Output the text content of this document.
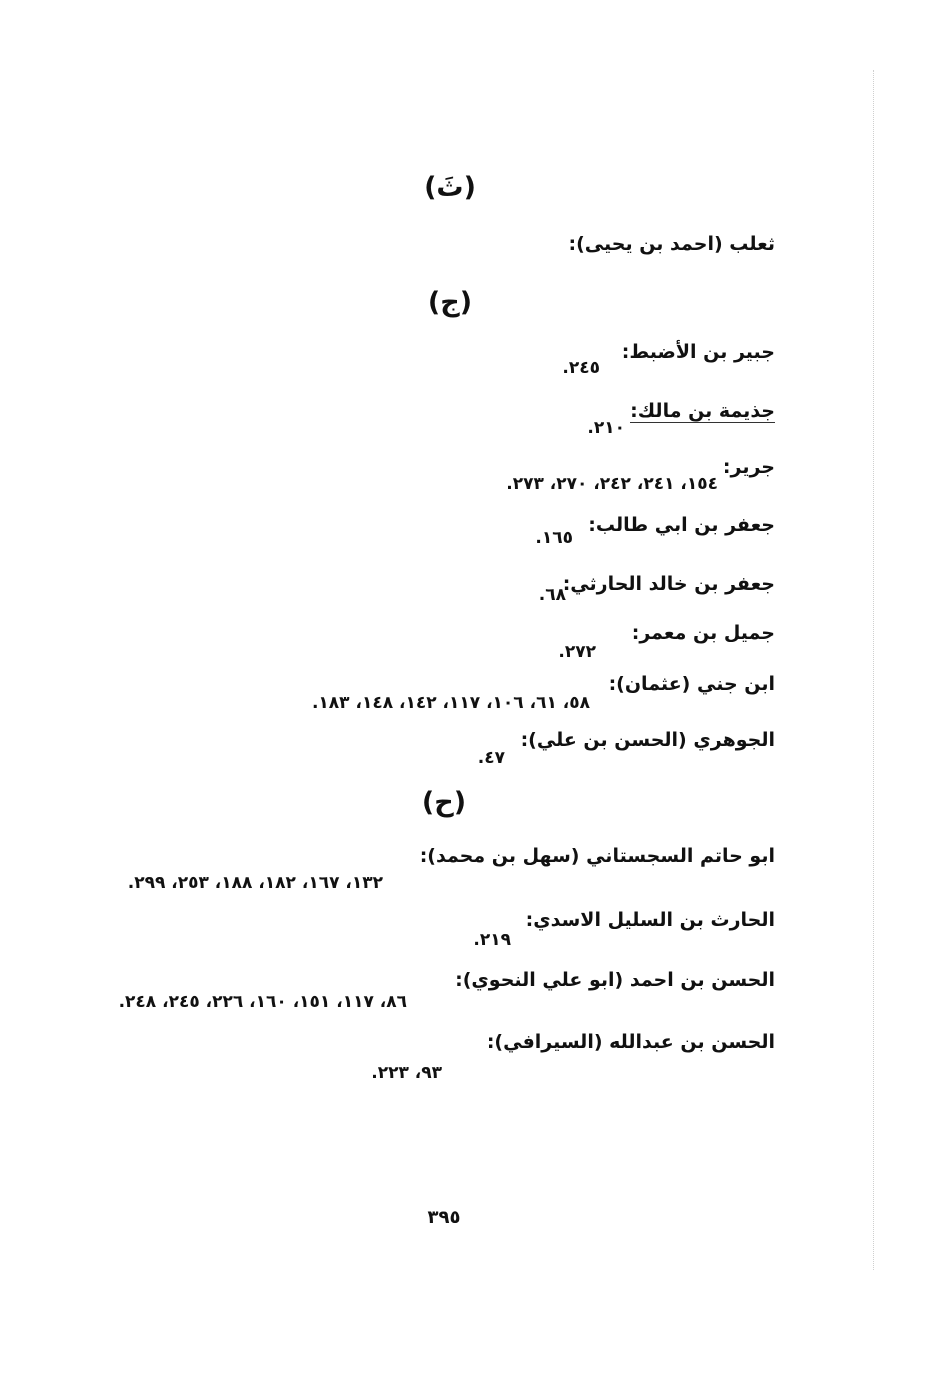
(ثَ)
ثعلب (احمد بن يحيى):
(ج)
جبير بن الأضبط:
٢٤٥.
جذيمة بن مالك:
٢١٠.
جرير:
١٥٤، ٢٤١، ٢٤٢، ٢٧٠، ٢٧٣.
جعفر بن ابي طالب:
١٦٥.
جعفر بن خالد الحارثي:
٦٨.
جميل بن معمر:
٢٧٢.
ابن جني (عثمان):
٥٨، ٦١، ١٠٦، ١١٧، ١٤٢، ١٤٨، ١٨٣.
الجوهري (الحسن بن علي):
٤٧.
(ح)
ابو حاتم السجستاني (سهل بن محمد):
١٣٢، ١٦٧، ١٨٢، ١٨٨، ٢٥٣، ٢٩٩.
الحارث بن السليل الاسدي:
٢١٩.
الحسن بن احمد (ابو علي النحوي):
٨٦، ١١٧، ١٥١، ١٦٠، ٢٢٦، ٢٤٥، ٢٤٨.
الحسن بن عبدالله (السيرافي):
٩٣، ٢٢٣.
٣٩٥
